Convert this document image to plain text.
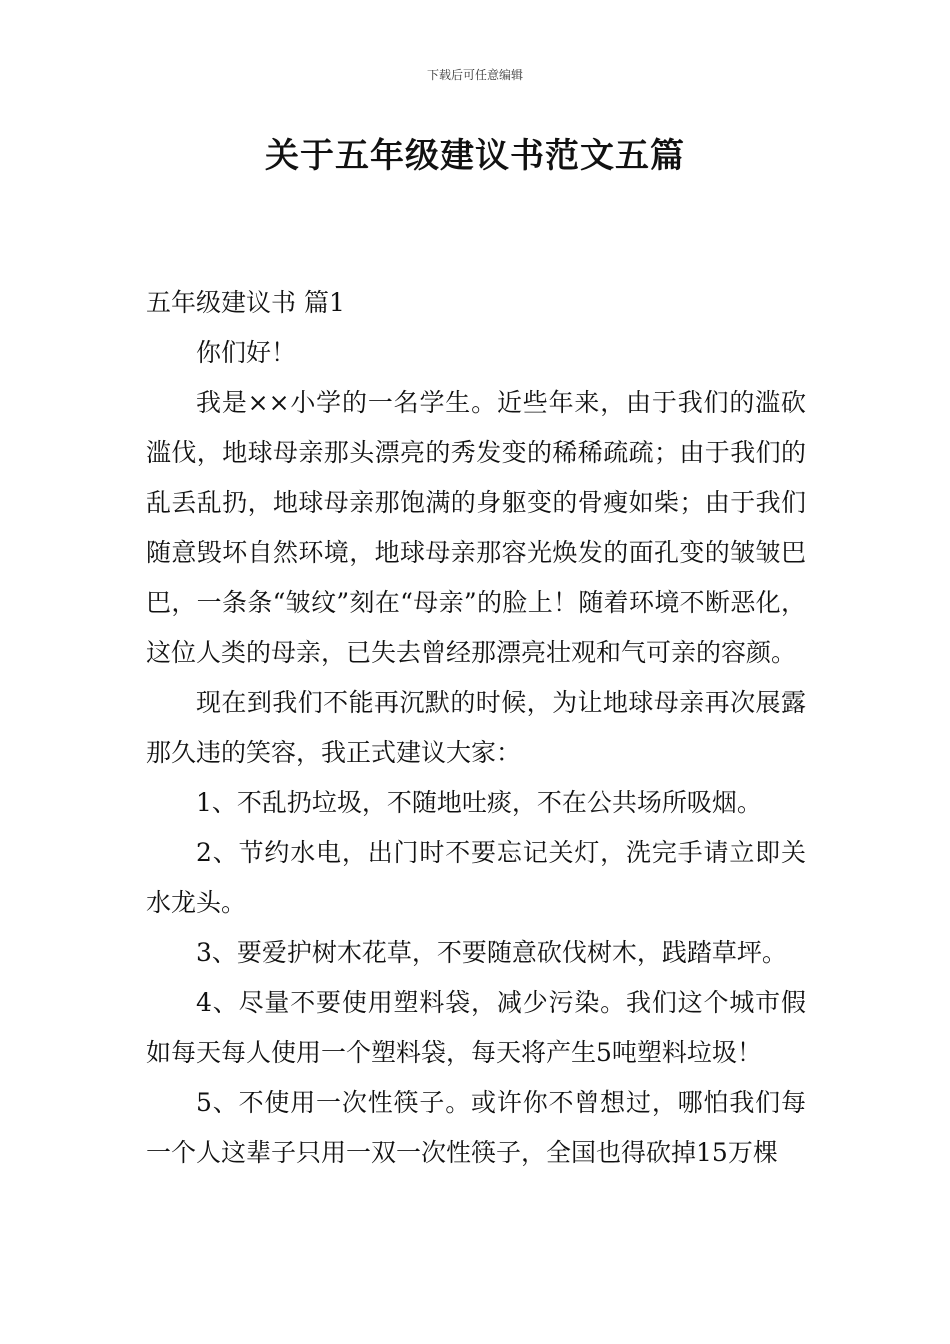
下载后可任意编辑
关于五年级建议书范文五篇

五年级建议书 篇1

你们好！

我是××小学的一名学生。近些年来，由于我们的滥砍滥伐，地球母亲那头漂亮的秀发变的稀稀疏疏；由于我们的乱丢乱扔，地球母亲那饱满的身躯变的骨瘦如柴；由于我们随意毁坏自然环境，地球母亲那容光焕发的面孔变的皱皱巴巴，一条条“皱纹”刻在“母亲”的脸上！随着环境不断恶化，这位人类的母亲，已失去曾经那漂亮壮观和气可亲的容颜。

现在到我们不能再沉默的时候，为让地球母亲再次展露那久违的笑容，我正式建议大家：

1、不乱扔垃圾，不随地吐痰，不在公共场所吸烟。

2、节约水电，出门时不要忘记关灯，洗完手请立即关水龙头。

3、要爱护树木花草，不要随意砍伐树木，践踏草坪。

4、尽量不要使用塑料袋，减少污染。我们这个城市假如每天每人使用一个塑料袋，每天将产生5吨塑料垃圾！

5、不使用一次性筷子。或许你不曾想过，哪怕我们每一个人这辈子只用一双一次性筷子，全国也得砍掉15万棵
